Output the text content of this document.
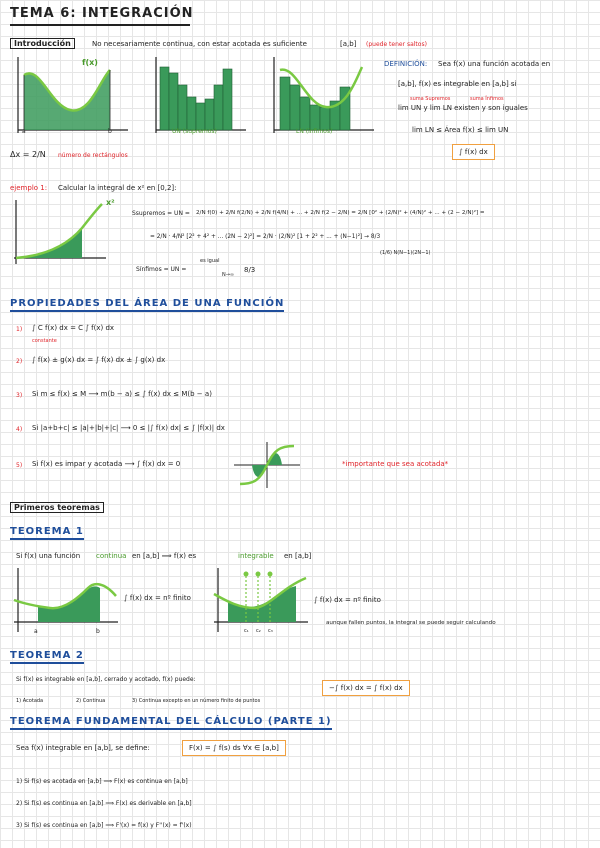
TEMA 6: INTEGRACIÓN
Introducción	No necesariamente continua, con estar acotada es suficiente	[a,b] (puede tener saltos)
f(x)
a	b	UN (supremos)	LN (ínfimos)
Δx = 2/N número de rectángulos
DEFINICIÓN: Sea f(x) una función acotada en
[a,b], f(x) es integrable en [a,b] si
suma Supremos	suma Ínfimos
lim UN y lim LN existen y son iguales
lim LN ≤ Área f(x) ≤ lim UN
∫ f(x) dx
ejemplo 1: Calcular la integral de x² en [0,2]:
x²
Ssupremos = UN = 2/N f(0) + 2/N f(2/N) + 2/N f(4/N) + ... + 2/N f(2 − 2/N) = 2/N [0² + (2/N)² + (4/N)² + ... + (2 − 2/N)²] =
= 2/N · 4/N² [2² + 4² + ... (2N − 2)²] = 2/N · (2/N)² [1 + 2² + ... + (N−1)²] → 8/3
(1/6) N(N−1)(2N−1)
Sínfimos = UN =
es igual
N→∞
8/3
PROPIEDADES DEL ÁREA DE UNA FUNCIÓN
1) ∫ C f(x) dx = C ∫ f(x) dx
constante
2) ∫ f(x) ± g(x) dx = ∫ f(x) dx ± ∫ g(x) dx
3) Si m ≤ f(x) ≤ M ⟶ m(b − a) ≤ ∫ f(x) dx ≤ M(b − a)
4) Si |a+b+c| ≤ |a|+|b|+|c| ⟶ 0 ≤ |∫ f(x) dx| ≤ ∫ |f(x)| dx
5) Si f(x) es impar y acotada ⟶ ∫ f(x) dx = 0	*importante que sea acotada*
Primeros teoremas
TEOREMA 1
Si f(x) una función continua en [a,b] ⟹ f(x) es	integrable en [a,b]
a	b
∫ f(x) dx = nº finito
c₁ c₂ c₃
∫ f(x) dx = nº finito
aunque fallen puntos, la integral se puede seguir calculando
TEOREMA 2
Si f(x) es integrable en [a,b], cerrado y acotado, f(x) puede:
1) Acotada	2) Continua	3) Continua excepto en un número finito de puntos
−∫ f(x) dx = ∫ f(x) dx
TEOREMA FUNDAMENTAL DEL CÁLCULO (PARTE 1)
Sea f(x) integrable en [a,b], se define:	F(x) = ∫ f(s) ds ∀x ∈ [a,b]
1) Si f(s) es acotada en [a,b] ⟹ F(x) es continua en [a,b]
2) Si f(s) es continua en [a,b] ⟹ F(x) es derivable en [a,b]
3) Si f(s) es continua en [a,b] ⟹ F'(x) = f(x) y F''(x) = f'(x)
